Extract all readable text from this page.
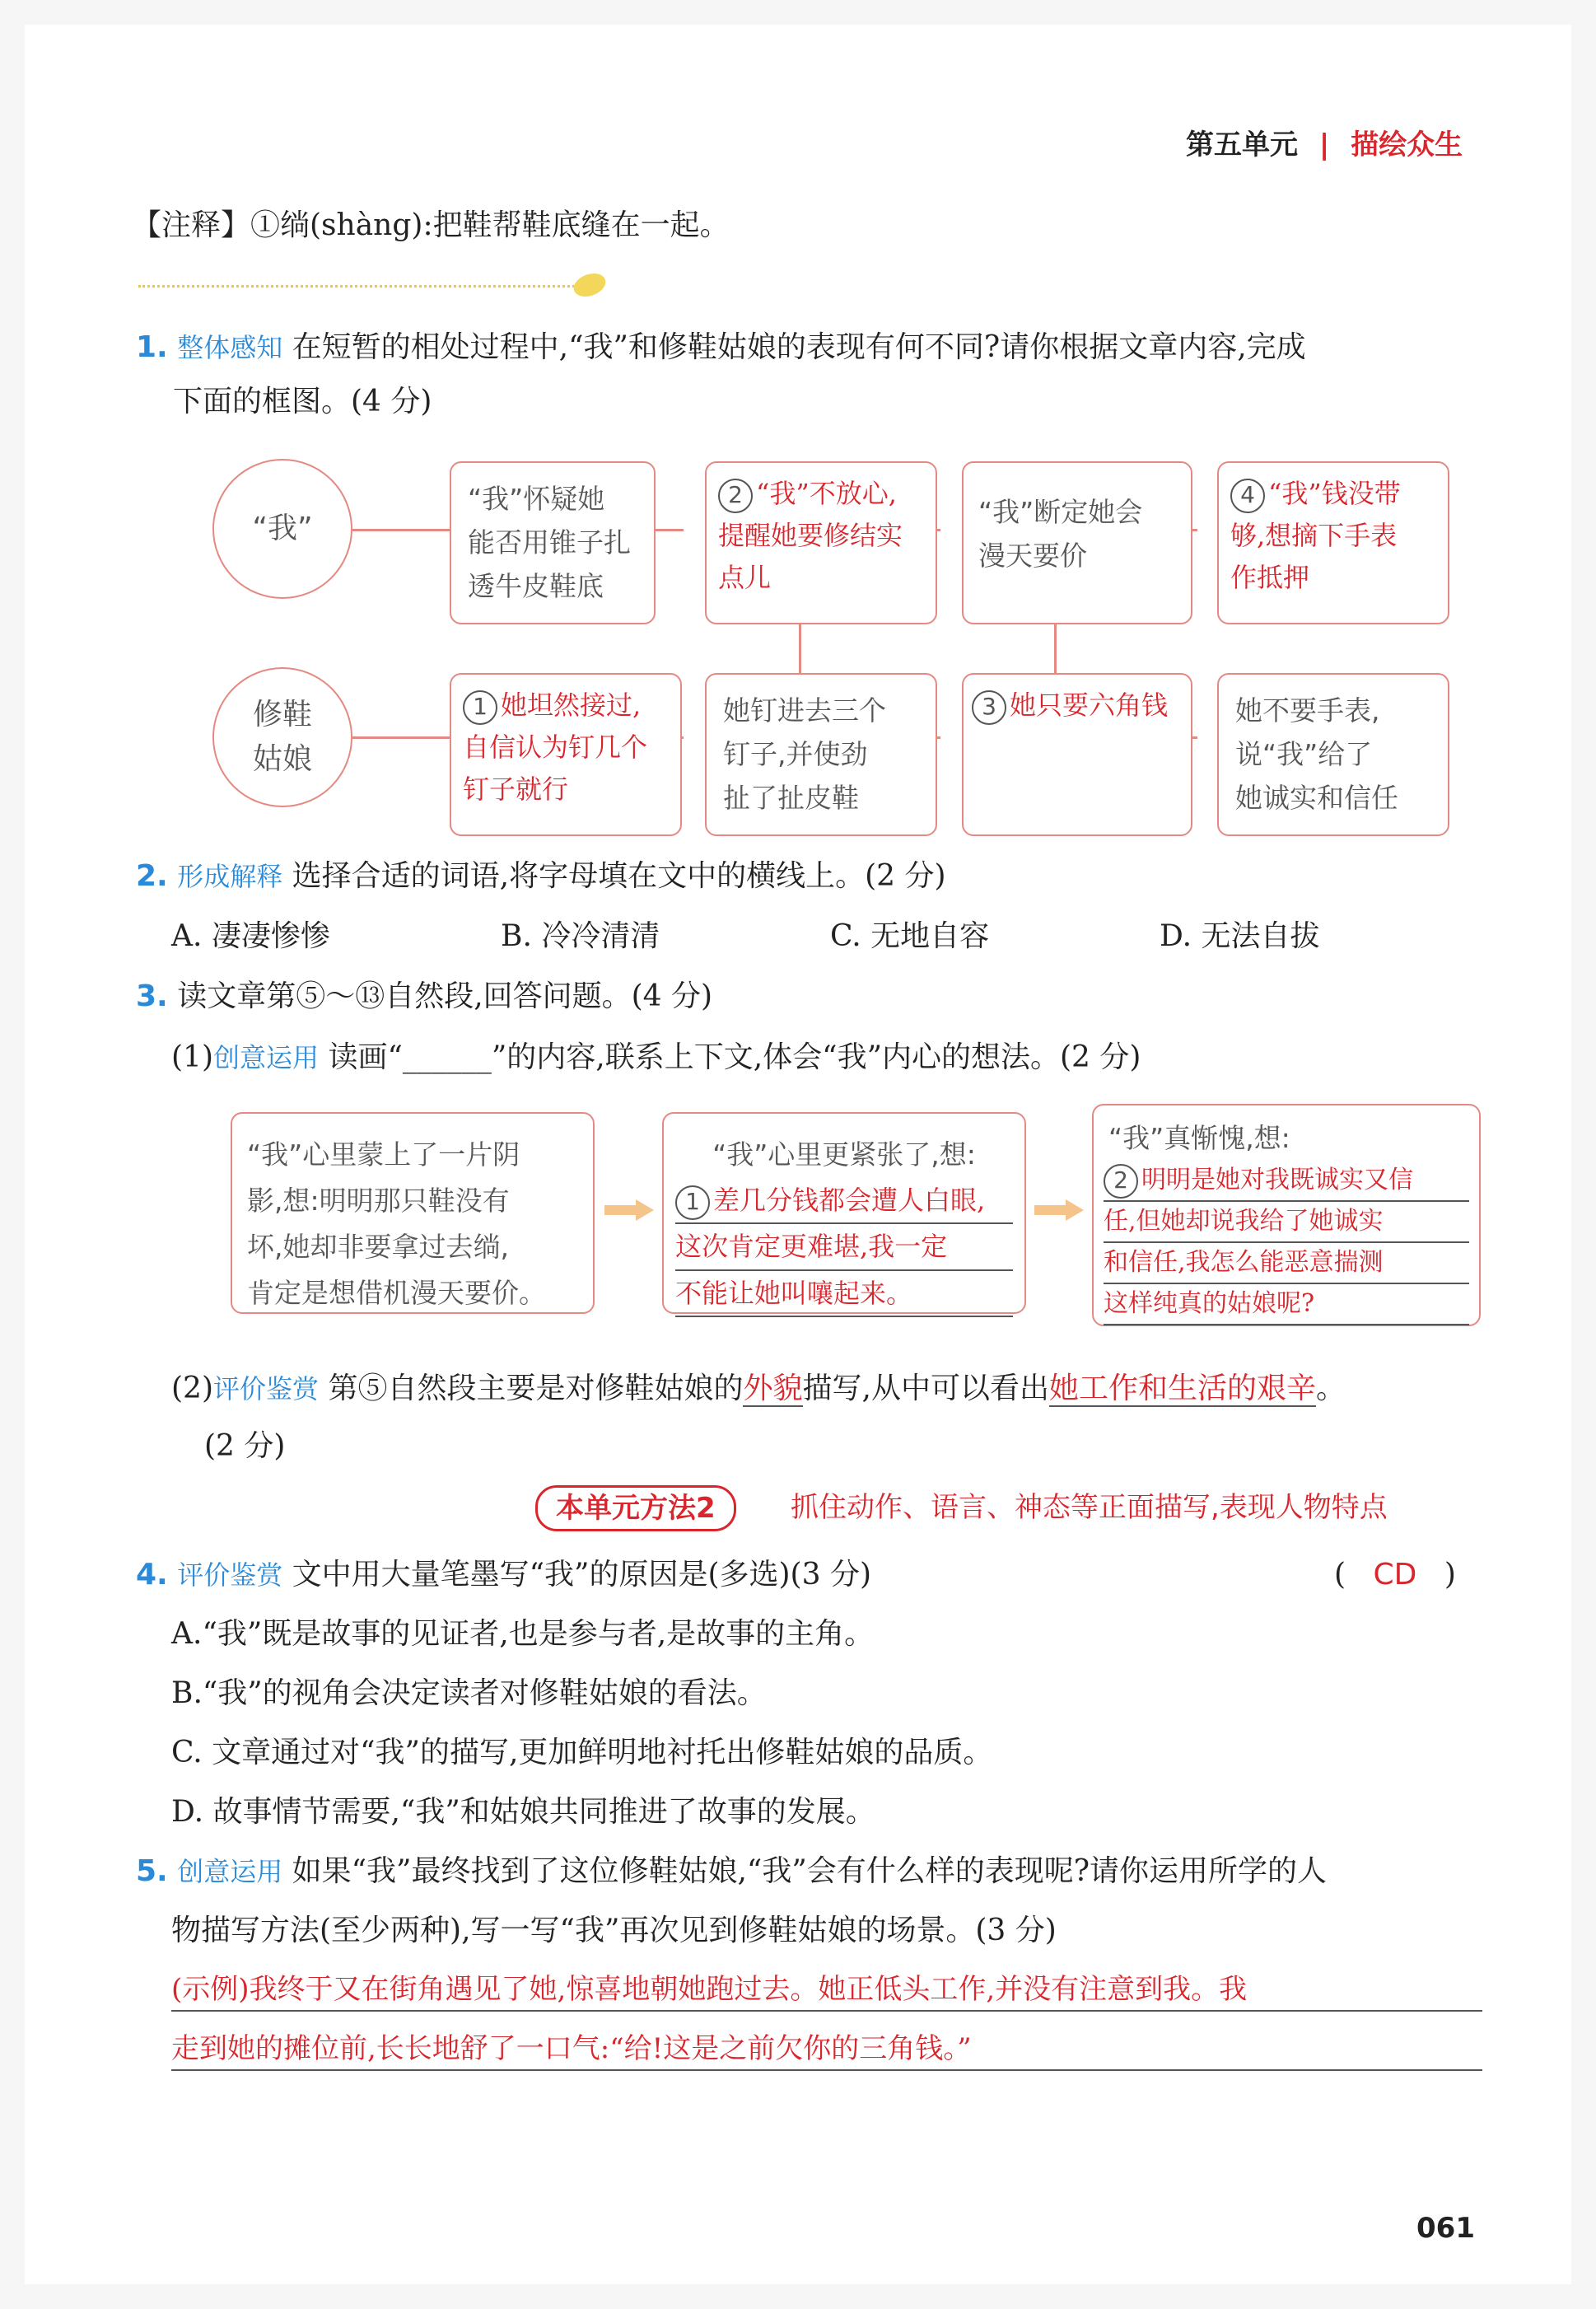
第五单元 | 描绘众生
【注释】①绱(shàng):把鞋帮鞋底缝在一起。
1. 整体感知 在短暂的相处过程中,“我”和修鞋姑娘的表现有何不同?请你根据文章内容,完成
下面的框图。(4 分)
“我”
修鞋
姑娘
“我”怀疑她
能否用锥子扎
透牛皮鞋底
2 “我”不放心,
提醒她要修结实
点儿
“我”断定她会
漫天要价
4 “我”钱没带
够,想摘下手表
作抵押
1 她坦然接过,
自信认为钉几个
钉子就行
她钉进去三个
钉子,并使劲
扯了扯皮鞋
3 她只要六角钱	她不要手表,
说“我”给了
她诚实和信任
2. 形成解释 选择合适的词语,将字母填在文中的横线上。(2 分)
A. 凄凄惨惨	B. 冷冷清清	C. 无地自容	D. 无法自拔
3. 读文章第⑤～⑬自然段,回答问题。(4 分)
(1)创意运用 读画“______”的内容,联系上下文,体会“我”内心的想法。(2 分)
“我”心里蒙上了一片阴
影,想:明明那只鞋没有
坏,她却非要拿过去绱,
肯定是想借机漫天要价。
“我”心里更紧张了,想:
1 差几分钱都会遭人白眼,
这次肯定更难堪,我一定
不能让她叫嚷起来。
“我”真惭愧,想:
2 明明是她对我既诚实又信
任,但她却说我给了她诚实
和信任,我怎么能恶意揣测
这样纯真的姑娘呢?
(2)评价鉴赏 第⑤自然段主要是对修鞋姑娘的外貌描写,从中可以看出她工作和生活的艰辛。
(2 分)
本单元方法2	抓住动作、语言、神态等正面描写,表现人物特点
4. 评价鉴赏 文中用大量笔墨写“我”的原因是(多选)(3 分)	( CD )
A.“我”既是故事的见证者,也是参与者,是故事的主角。
B.“我”的视角会决定读者对修鞋姑娘的看法。
C. 文章通过对“我”的描写,更加鲜明地衬托出修鞋姑娘的品质。
D. 故事情节需要,“我”和姑娘共同推进了故事的发展。
5. 创意运用 如果“我”最终找到了这位修鞋姑娘,“我”会有什么样的表现呢?请你运用所学的人
物描写方法(至少两种),写一写“我”再次见到修鞋姑娘的场景。(3 分)
(示例)我终于又在街角遇见了她,惊喜地朝她跑过去。她正低头工作,并没有注意到我。我
走到她的摊位前,长长地舒了一口气:“给!这是之前欠你的三角钱。”
061
